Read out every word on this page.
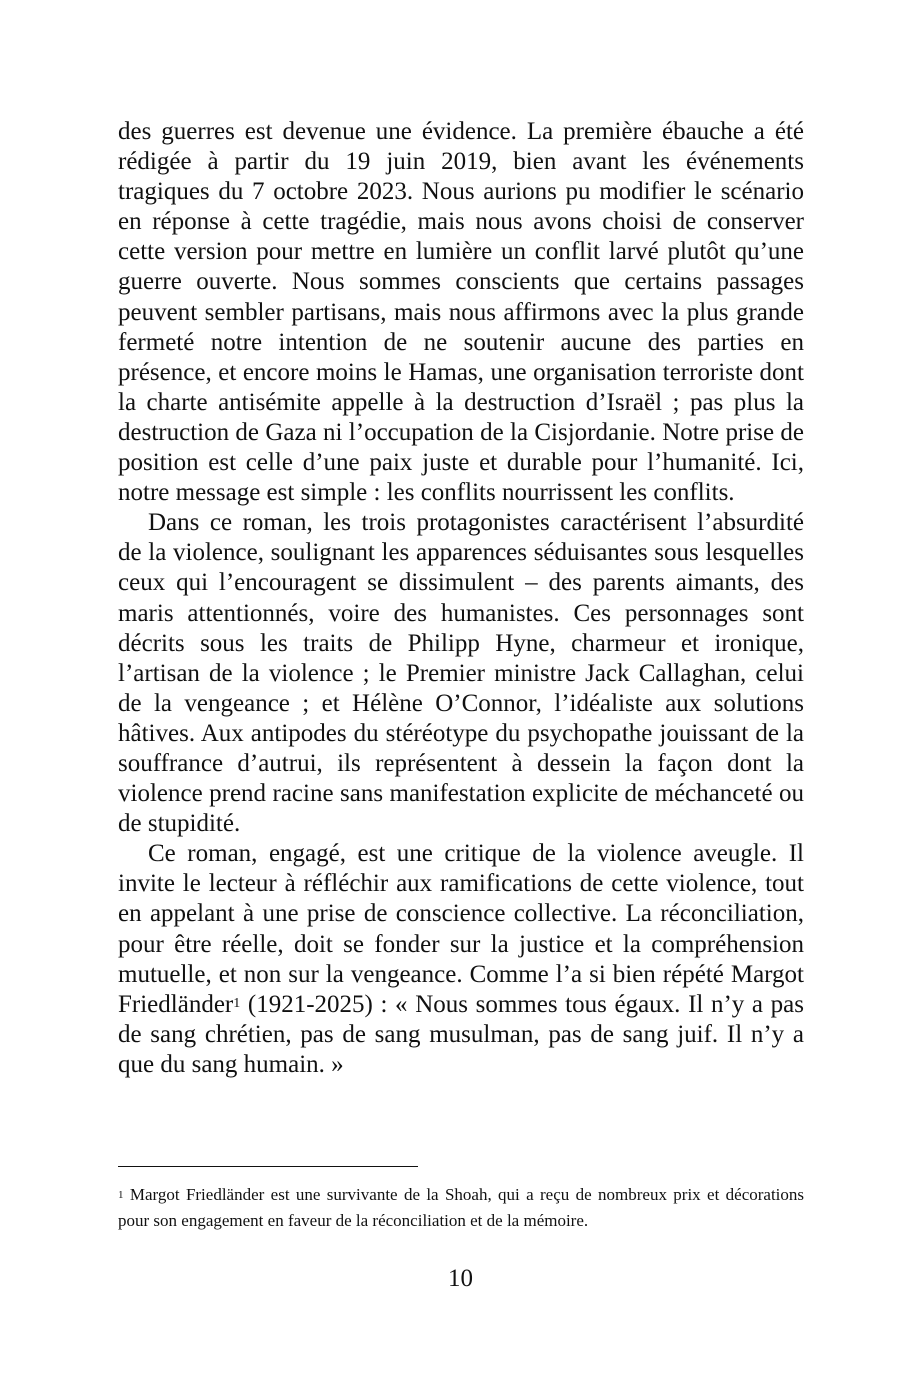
des guerres est devenue une évidence. La première ébauche a été rédigée à partir du 19 juin 2019, bien avant les événements tragiques du 7 octobre 2023. Nous aurions pu modifier le scénario en réponse à cette tragédie, mais nous avons choisi de conserver cette version pour mettre en lumière un conflit larvé plutôt qu’une guerre ouverte. Nous sommes conscients que certains passages peuvent sembler partisans, mais nous affirmons avec la plus grande fermeté notre intention de ne soutenir aucune des parties en présence, et encore moins le Hamas, une organisation terroriste dont la charte antisémite appelle à la destruction d’Israël ; pas plus la destruction de Gaza ni l’occupation de la Cisjordanie. Notre prise de position est celle d’une paix juste et durable pour l’humanité. Ici, notre message est simple : les conflits nourrissent les conflits.

Dans ce roman, les trois protagonistes caractérisent l’absurdité de la violence, soulignant les apparences séduisantes sous lesquelles ceux qui l’encouragent se dissimulent – des parents aimants, des maris attentionnés, voire des humanistes. Ces personnages sont décrits sous les traits de Philipp Hyne, charmeur et ironique, l’artisan de la violence ; le Premier ministre Jack Callaghan, celui de la vengeance ; et Hélène O’Connor, l’idéaliste aux solutions hâtives. Aux antipodes du stéréotype du psychopathe jouissant de la souffrance d’autrui, ils représentent à dessein la façon dont la violence prend racine sans manifestation explicite de méchanceté ou de stupidité.

Ce roman, engagé, est une critique de la violence aveugle. Il invite le lecteur à réfléchir aux ramifications de cette violence, tout en appelant à une prise de conscience collective. La réconciliation, pour être réelle, doit se fonder sur la justice et la compréhension mutuelle, et non sur la vengeance. Comme l’a si bien répété Margot Friedländer$^1$ (1921-2025) : « Nous sommes tous égaux. Il n’y a pas de sang chrétien, pas de sang musulman, pas de sang juif. Il n’y a que du sang humain. »

$^1$ Margot Friedländer est une survivante de la Shoah, qui a reçu de nombreux prix et décorations pour son engagement en faveur de la réconciliation et de la mémoire.
10
